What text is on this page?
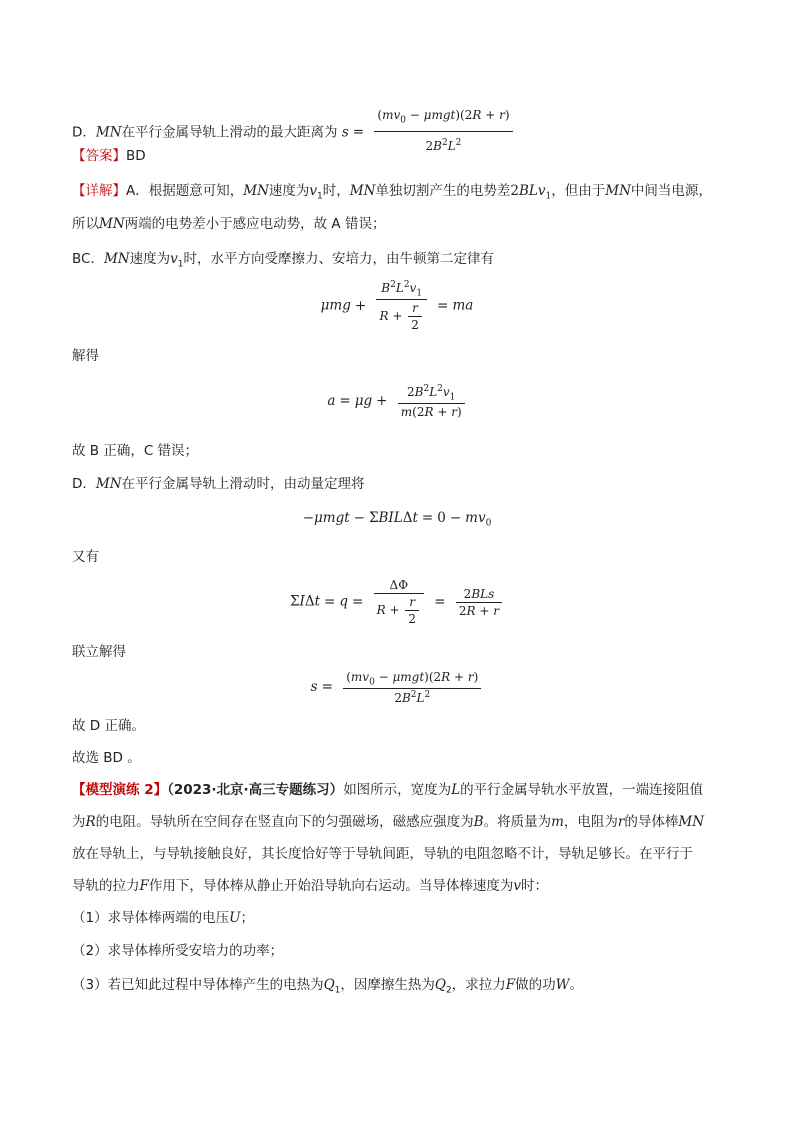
D．MN在平行金属导轨上滑动的最大距离为 $s = \frac{(mv_0 - \mu mgt)(2R + r)}{2B^2L^2}$
【答案】BD
【详解】A．根据题意可知，MN速度为$v_1$时，MN单独切割产生的电势差2BLv$_1$，但由于MN中间当电源，
所以MN两端的电势差小于感应电动势，故 A 错误；
BC．MN速度为$v_1$时，水平方向受摩擦力、安培力，由牛顿第二定律有
$\mu mg + \frac{B^2L^2v_1}{R + \frac{r}{2}}$ = ma
解得
$a = \mu g + \frac{2B^2L^2v_1}{m(2R + r)}$
故 B 正确，C 错误；
D．MN在平行金属导轨上滑动时，由动量定理将
$-\mu mgt - \Sigma BIL\Delta t = 0 - mv_0$
又有
$\Sigma I\Delta t = q = \frac{\Delta\Phi}{R + \frac{r}{2}} = \frac{\text{2BLs}}{2R + r}$
联立解得
$s = \frac{(mv_0 - \mu mgt)(2R + r)}{2B^2L^2}$
故 D 正确。
故选 BD 。
【模型演练 2】（2023·北京·高三专题练习）如图所示，宽度为L的平行金属导轨水平放置，一端连接阻值
为R的电阻。导轨所在空间存在竖直向下的匀强磁场，磁感应强度为B。将质量为m，电阻为r的导体棒MN
放在导轨上，与导轨接触良好，其长度恰好等于导轨间距，导轨的电阻忽略不计，导轨足够长。在平行于
导轨的拉力F作用下，导体棒从静止开始沿导轨向右运动。当导体棒速度为v时：
（1）求导体棒两端的电压U；
（2）求导体棒所受安培力的功率；
（3）若已知此过程中导体棒产生的电热为$Q_1$，因摩擦生热为$Q_2$，求拉力F做的功W。
